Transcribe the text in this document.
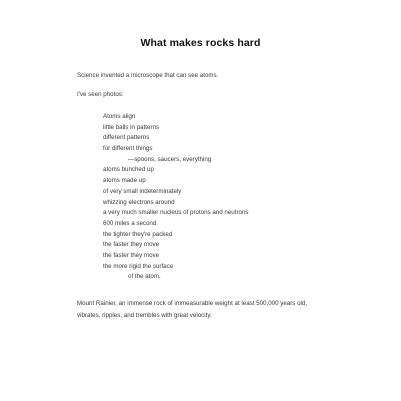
What makes rocks hard
Science invented a microscope that can see atoms.
I've seen photos:
Atoms align
little balls in patterns
different patterns
for different things
—spoons, saucers, everything
atoms bunched up
atoms made up
of very small indeterminately
whizzing electrons around
a very much smaller nucleus of protons and neutrons
600 miles a second
the tighter they're packed
the faster they move
the faster they move
the more rigid the surface
of the atom.
Mount Rainier, an immense rock of immeasurable weight at least 500,000 years old, vibrates, ripples, and trembles with great velocity.
